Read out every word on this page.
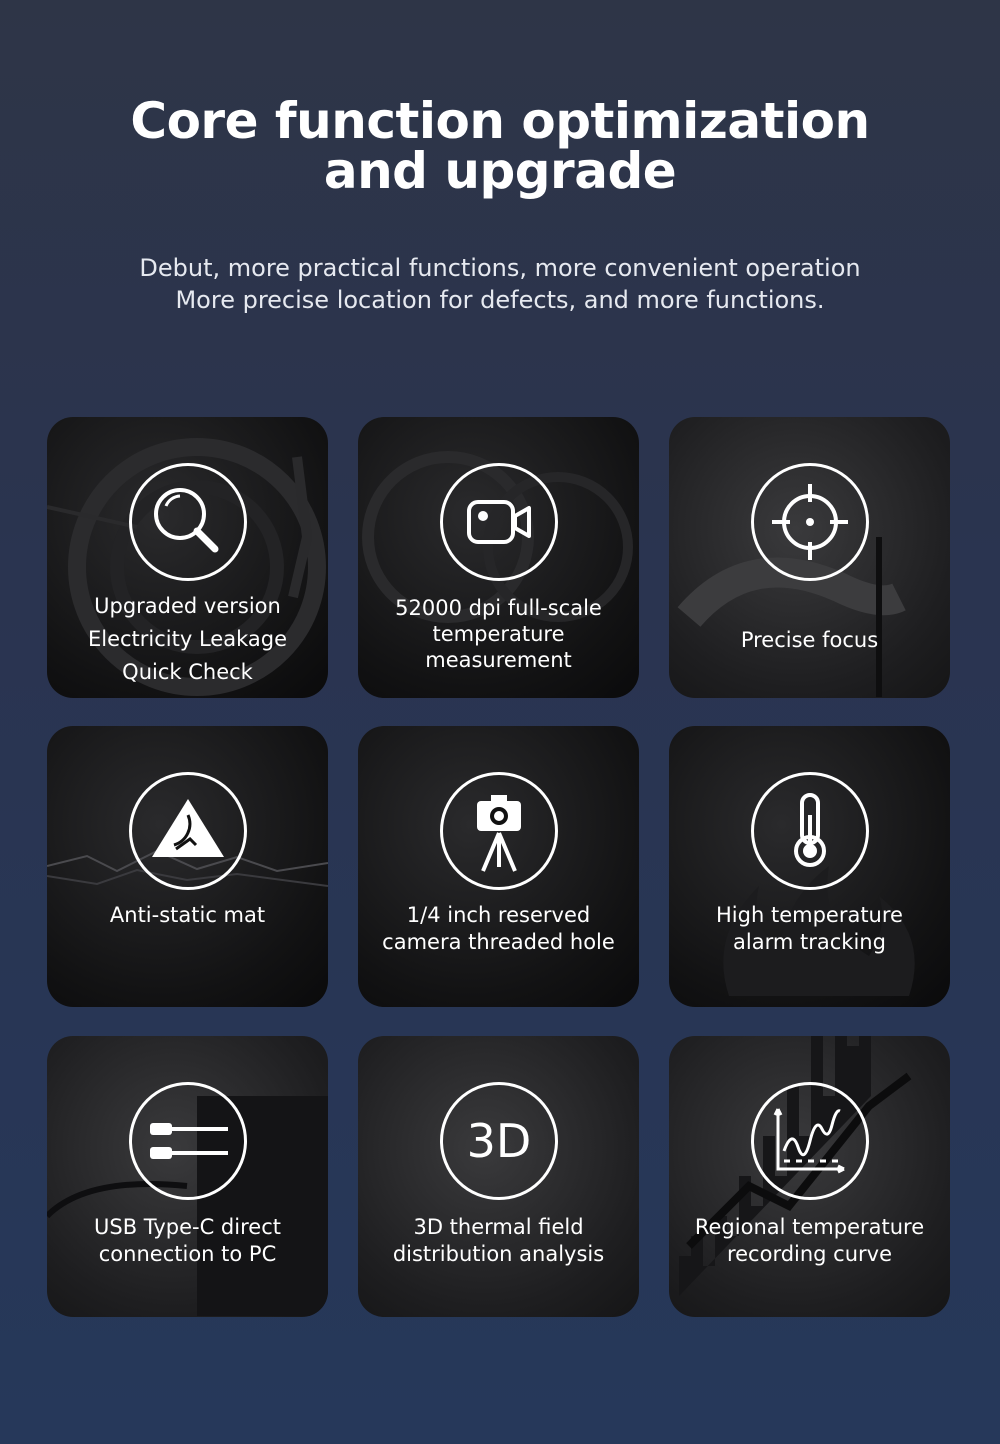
Core function optimization
and upgrade
Debut, more practical functions, more convenient operation
More precise location for defects, and more functions.
Upgraded version
Electricity Leakage
Quick Check
52000 dpi full-scale
temperature
measurement
Precise focus
Anti-static mat	1/4 inch reserved
camera threaded hole
High temperature
alarm tracking
USB Type-C direct
connection to PC
3D
3D thermal field
distribution analysis
Regional temperature
recording curve
